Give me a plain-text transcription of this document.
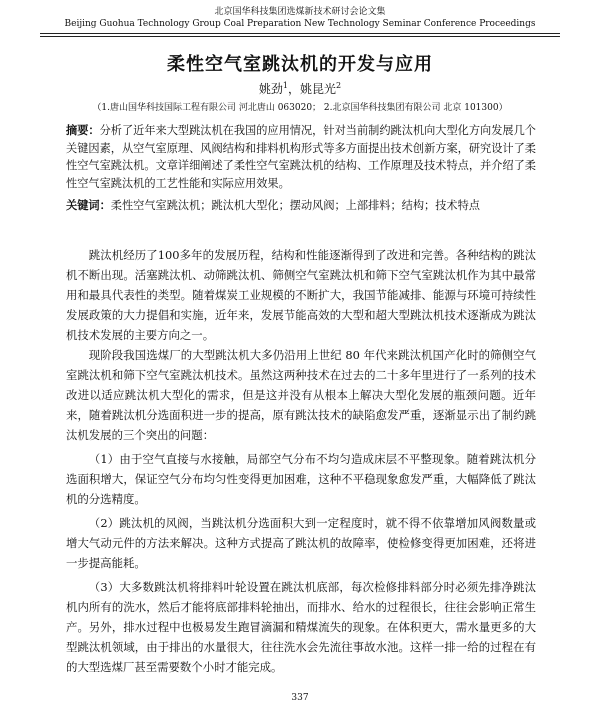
北京国华科技集团选煤新技术研讨会论文集
Beijing Guohua Technology Group Coal Preparation New Technology Seminar Conference Proceedings
柔性空气室跳汰机的开发与应用
姚劲$^1$，姚昆光$^2$
（1.唐山国华科技国际工程有限公司 河北唐山 063020； 2.北京国华科技集团有限公司 北京 101300）
摘要：分析了近年来大型跳汰机在我国的应用情况，针对当前制约跳汰机向大型化方向发展几个关键因素，从空气室原理、风阀结构和排料机构形式等多方面提出技术创新方案，研究设计了柔性空气室跳汰机。文章详细阐述了柔性空气室跳汰机的结构、工作原理及技术特点，并介绍了柔性空气室跳汰机的工艺性能和实际应用效果。
关键词：柔性空气室跳汰机；跳汰机大型化；摆动风阀；上部排料；结构；技术特点

跳汰机经历了100多年的发展历程，结构和性能逐渐得到了改进和完善。各种结构的跳汰机不断出现。活塞跳汰机、动筛跳汰机、筛侧空气室跳汰机和筛下空气室跳汰机作为其中最常用和最具代表性的类型。随着煤炭工业规模的不断扩大，我国节能减排、能源与环境可持续性发展政策的大力提倡和实施，近年来，发展节能高效的大型和超大型跳汰机技术逐渐成为跳汰机技术发展的主要方向之一。

现阶段我国选煤厂的大型跳汰机大多仍沿用上世纪 80 年代来跳汰机国产化时的筛侧空气室跳汰机和筛下空气室跳汰机技术。虽然这两种技术在过去的二十多年里进行了一系列的技术改进以适应跳汰机大型化的需求，但是这并没有从根本上解决大型化发展的瓶颈问题。近年来，随着跳汰机分选面积进一步的提高，原有跳汰技术的缺陷愈发严重，逐渐显示出了制约跳汰机发展的三个突出的问题：

（1）由于空气直接与水接触，局部空气分布不均匀造成床层不平整现象。随着跳汰机分选面积增大，保证空气分布均匀性变得更加困难，这种不平稳现象愈发严重，大幅降低了跳汰机的分选精度。

（2）跳汰机的风阀，当跳汰机分选面积大到一定程度时，就不得不依靠增加风阀数量或增大气动元件的方法来解决。这种方式提高了跳汰机的故障率，使检修变得更加困难，还将进一步提高能耗。

（3）大多数跳汰机将排料叶轮设置在跳汰机底部，每次检修排料部分时必须先排净跳汰机内所有的洗水，然后才能将底部排料轮抽出，而排水、给水的过程很长，往往会影响正常生产。另外，排水过程中也极易发生跑冒滴漏和精煤流失的现象。在体积更大，需水量更多的大型跳汰机领域，由于排出的水量很大，往往洗水会先流往事故水池。这样一排一给的过程在有的大型选煤厂甚至需要数个小时才能完成。

337
